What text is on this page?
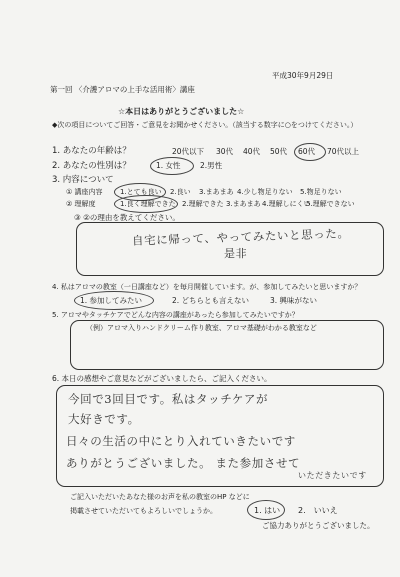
平成30年9月29日
第一回 〈介護アロマの上手な活用術〉講座
☆本日はありがとうございました☆
◆次の項目についてご回答・ご意見をお聞かせください。（該当する数字に○をつけてください。）
1. あなたの年齢は？	20代以下 30代 40代 50代 60代 70代以上
2. あなたの性別は？	1. 女性	2.男性
3. 内容について
① 講座内容 1.とても良い 2.良い 3.まあまあ 4.少し物足りない 5.物足りない
② 理解度	1.良く理解できた 2.理解できた 3.まあまあ 4.理解しにくい
5.理解できない
③ ②の理由を教えてください。
自宅に帰って、やってみたいと思った。
是非
4. 私はアロマの教室（一日講座など）を毎月開催しています。が、参加してみたいと思いますか？
1. 参加してみたい	2. どちらとも言えない	3. 興味がない
5. アロマやタッチケアでどんな内容の講座があったら参加してみたいですか？
（例）アロマ入りハンドクリーム作り教室、アロマ基礎がわかる教室など
6. 本日の感想やご意見などがございましたら、ご記入ください。
今回で3回目です。私はタッチケアが
大好きです。
日々の生活の中にとり入れていきたいです
ありがとうございました。 また参加させて
いただきたいです
ご記入いただいたあなた様のお声を私の教室のHP などに
掲載させていただいてもよろしいでしょうか。	1. はい 2.　いいえ
ご協力ありがとうございました。
